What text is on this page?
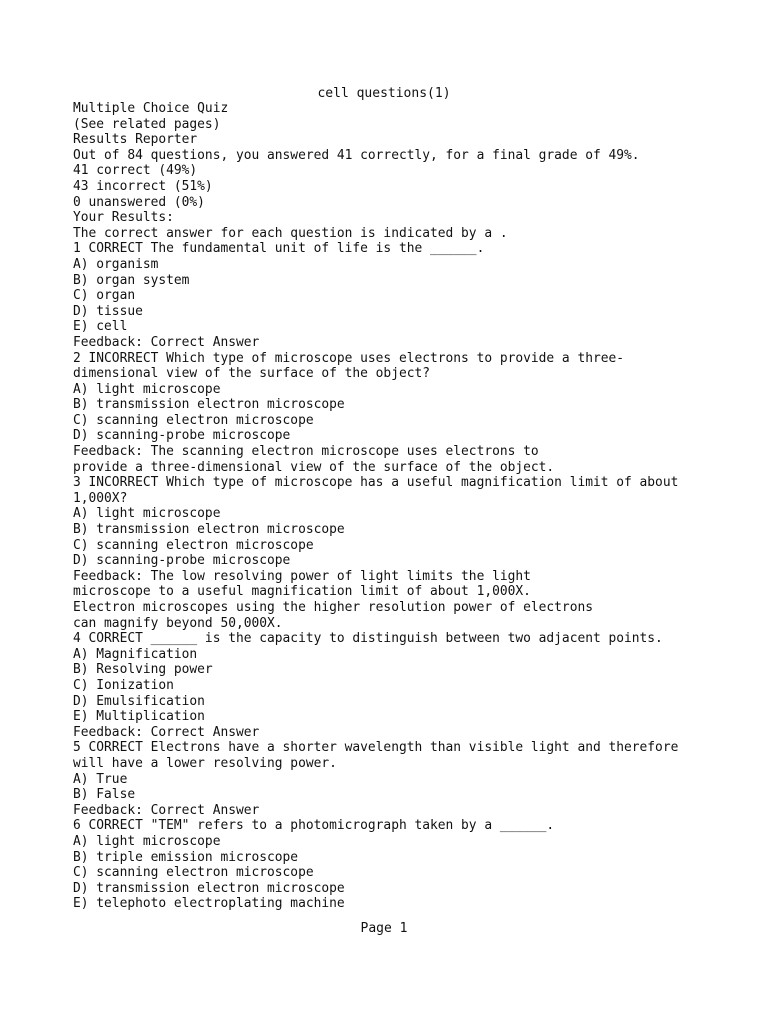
cell questions(1)
Multiple Choice Quiz
(See related pages)
Results Reporter
Out of 84 questions, you answered 41 correctly, for a final grade of 49%.
41 correct (49%)
43 incorrect (51%)
0 unanswered (0%)
Your Results:
The correct answer for each question is indicated by a .
1 CORRECT The fundamental unit of life is the ______.
A) organism
B) organ system
C) organ
D) tissue
E) cell
Feedback: Correct Answer
2 INCORRECT Which type of microscope uses electrons to provide a three-
dimensional view of the surface of the object?
A) light microscope
B) transmission electron microscope
C) scanning electron microscope
D) scanning-probe microscope
Feedback: The scanning electron microscope uses electrons to
provide a three-dimensional view of the surface of the object.
3 INCORRECT Which type of microscope has a useful magnification limit of about
1,000X?
A) light microscope
B) transmission electron microscope
C) scanning electron microscope
D) scanning-probe microscope
Feedback: The low resolving power of light limits the light
microscope to a useful magnification limit of about 1,000X.
Electron microscopes using the higher resolution power of electrons
can magnify beyond 50,000X.
4 CORRECT ______ is the capacity to distinguish between two adjacent points.
A) Magnification
B) Resolving power
C) Ionization
D) Emulsification
E) Multiplication
Feedback: Correct Answer
5 CORRECT Electrons have a shorter wavelength than visible light and therefore
will have a lower resolving power.
A) True
B) False
Feedback: Correct Answer
6 CORRECT "TEM" refers to a photomicrograph taken by a ______.
A) light microscope
B) triple emission microscope
C) scanning electron microscope
D) transmission electron microscope
E) telephoto electroplating machine
Page 1
